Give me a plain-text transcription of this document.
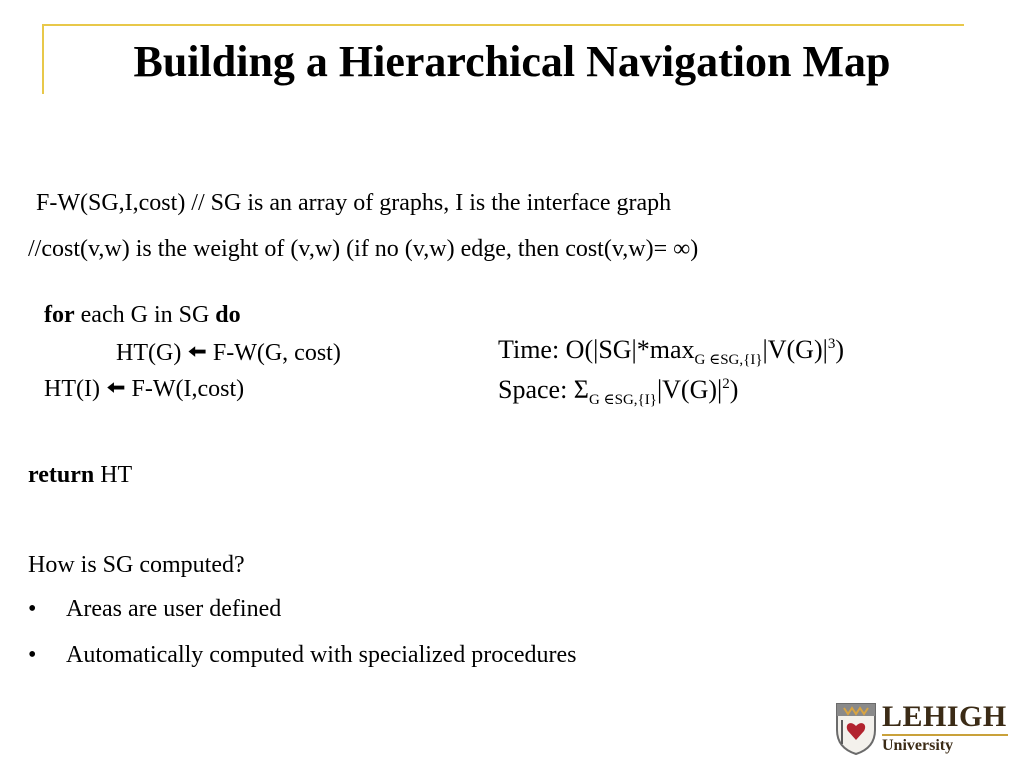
Building a Hierarchical Navigation Map
F-W(SG,I,cost) // SG is an array of graphs, I is the interface graph
//cost(v,w) is the weight of (v,w) (if no (v,w) edge, then cost(v,w)= ∞)
for each G in SG do
HT(G) 🠨 F-W(G, cost)
HT(I) 🠨 F-W(I,cost)
Time: $O(|SG|*\max_{G \in SG,\{I\}}|V(G)|^3)$
Space: $\Sigma_{G \in SG,\{I\}}|V(G)|^2$)
return HT
How is SG computed?
• Areas are user defined
• Automatically computed with specialized procedures
LEHIGH
University
